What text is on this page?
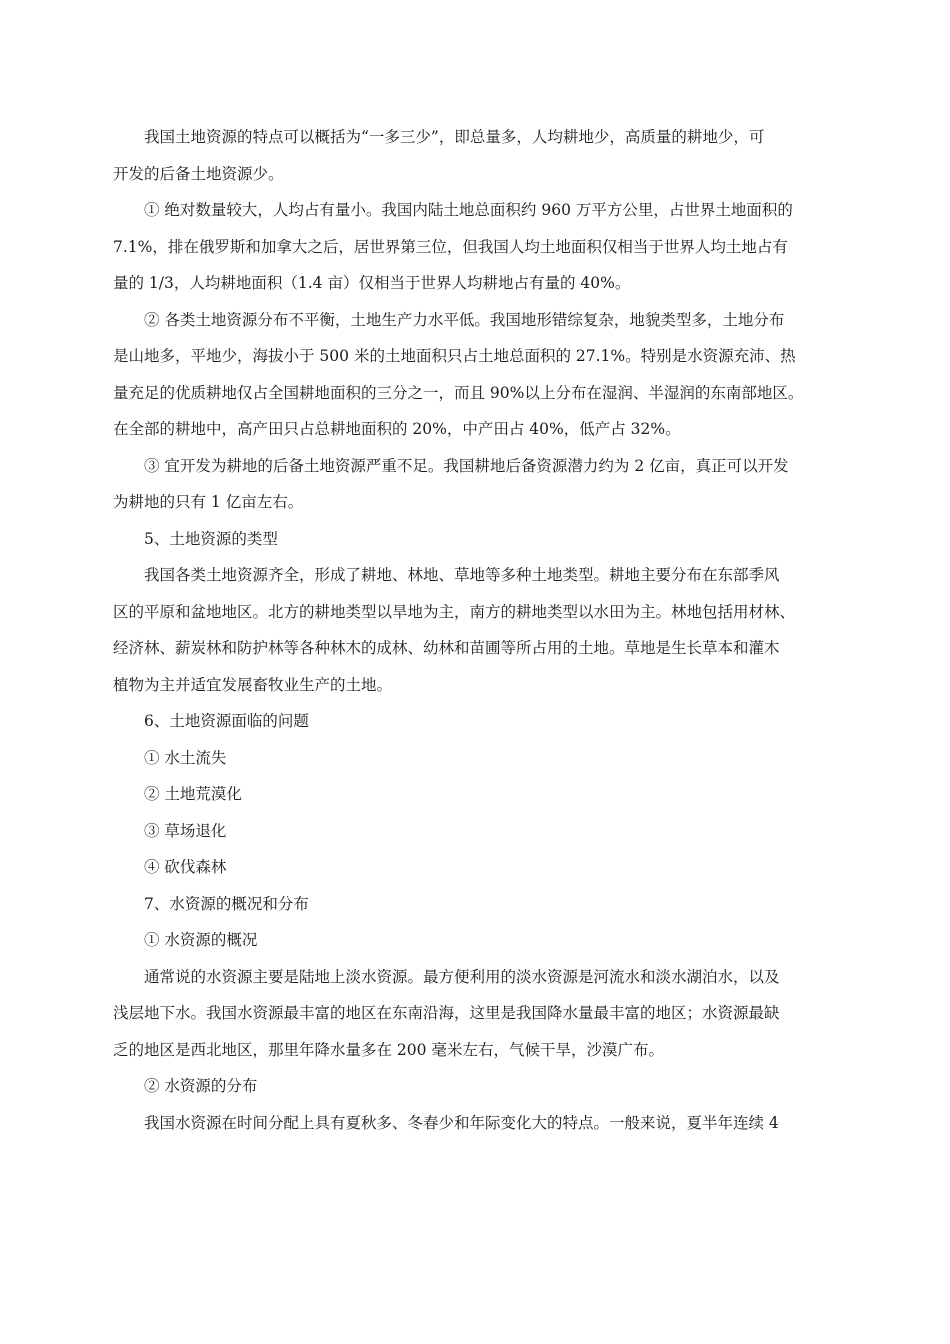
我国土地资源的特点可以概括为“一多三少”，即总量多，人均耕地少，高质量的耕地少，可
开发的后备土地资源少。

① 绝对数量较大，人均占有量小。我国内陆土地总面积约 960 万平方公里，占世界土地面积的
7.1%，排在俄罗斯和加拿大之后，居世界第三位，但我国人均土地面积仅相当于世界人均土地占有
量的 1/3，人均耕地面积（1.4 亩）仅相当于世界人均耕地占有量的 40%。

② 各类土地资源分布不平衡，土地生产力水平低。我国地形错综复杂，地貌类型多，土地分布
是山地多，平地少，海拔小于 500 米的土地面积只占土地总面积的 27.1%。特别是水资源充沛、热
量充足的优质耕地仅占全国耕地面积的三分之一，而且 90%以上分布在湿润、半湿润的东南部地区。
在全部的耕地中，高产田只占总耕地面积的 20%，中产田占 40%，低产占 32%。

③ 宜开发为耕地的后备土地资源严重不足。我国耕地后备资源潜力约为 2 亿亩，真正可以开发
为耕地的只有 1 亿亩左右。

5、土地资源的类型

我国各类土地资源齐全，形成了耕地、林地、草地等多种土地类型。耕地主要分布在东部季风
区的平原和盆地地区。北方的耕地类型以旱地为主，南方的耕地类型以水田为主。林地包括用材林、
经济林、薪炭林和防护林等各种林木的成林、幼林和苗圃等所占用的土地。草地是生长草本和灌木
植物为主并适宜发展畜牧业生产的土地。

6、土地资源面临的问题

① 水土流失

② 土地荒漠化

③ 草场退化

④ 砍伐森林

7、水资源的概况和分布

① 水资源的概况

通常说的水资源主要是陆地上淡水资源。最方便利用的淡水资源是河流水和淡水湖泊水，以及
浅层地下水。我国水资源最丰富的地区在东南沿海，这里是我国降水量最丰富的地区；水资源最缺
乏的地区是西北地区，那里年降水量多在 200 毫米左右，气候干旱，沙漠广布。

② 水资源的分布

我国水资源在时间分配上具有夏秋多、冬春少和年际变化大的特点。一般来说，夏半年连续 4
